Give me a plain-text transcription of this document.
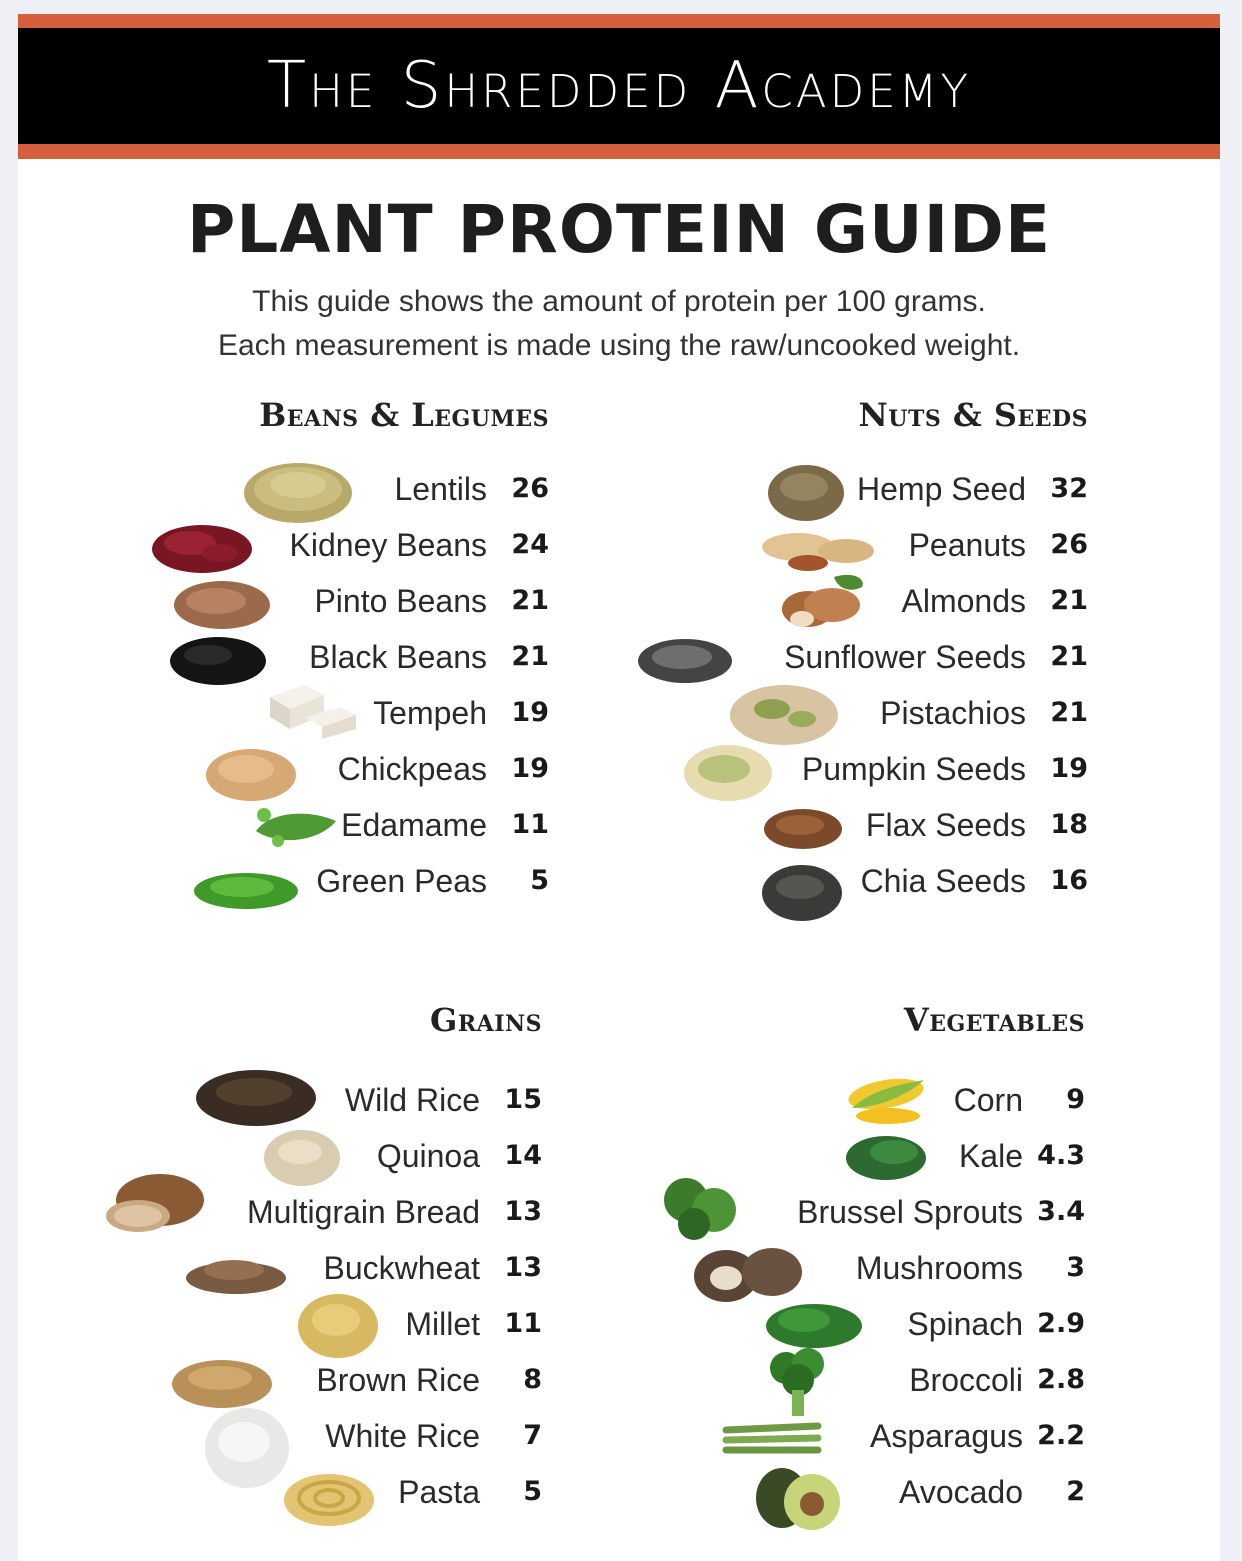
The Shredded Academy
PLANT PROTEIN GUIDE
This guide shows the amount of protein per 100 grams.
Each measurement is made using the raw/uncooked weight.
Beans & Legumes
Lentils 26
Kidney Beans 24
Pinto Beans 21
Black Beans 21
Tempeh 19
Chickpeas 19
Edamame 11
Green Peas	5
Nuts & Seeds
Hemp Seed 32
Peanuts 26
Almonds 21
Sunflower Seeds 21
Pistachios 21
Pumpkin Seeds 19
Flax Seeds 18
Chia Seeds 16
Grains
Wild Rice 15
Quinoa 14
Multigrain Bread 13
Buckwheat 13
Millet 11
Brown Rice	8
White Rice	7
Pasta	5
Vegetables
Corn	9
Kale 4.3
Brussel Sprouts 3.4
Mushrooms	3
Spinach 2.9
Broccoli 2.8
Asparagus 2.2
Avocado	2
